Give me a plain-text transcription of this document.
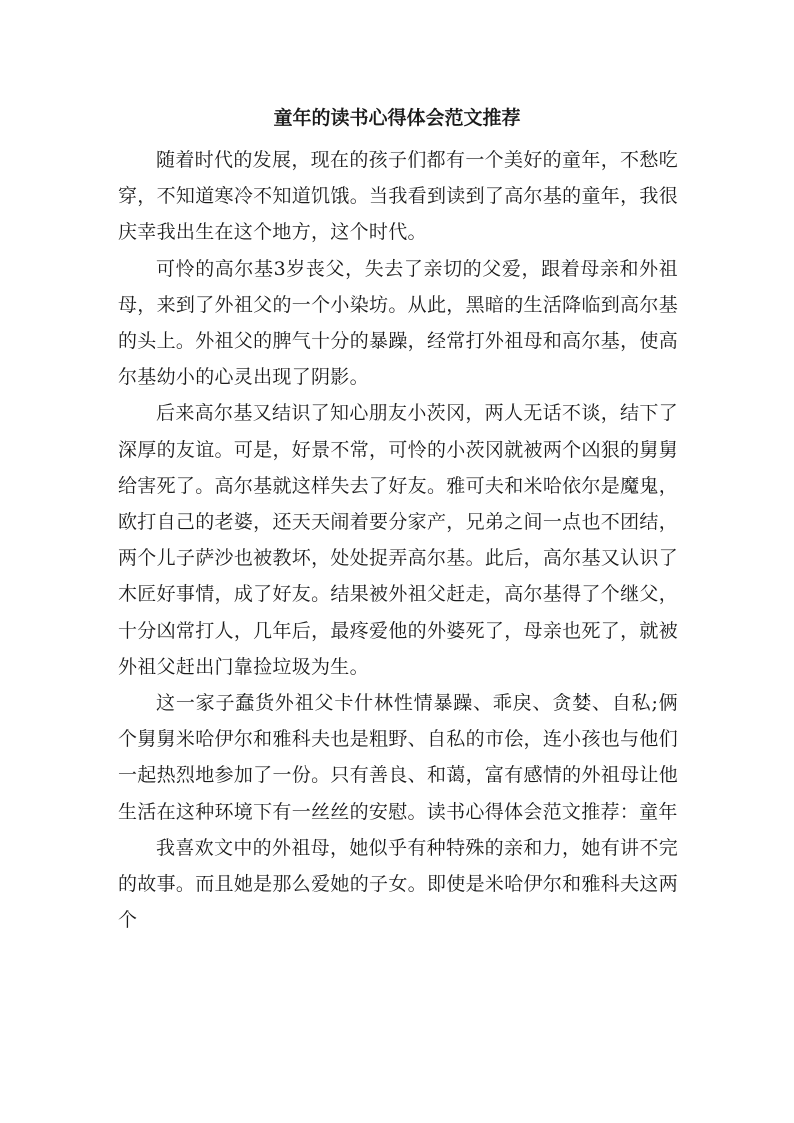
童年的读书心得体会范文推荐

随着时代的发展，现在的孩子们都有一个美好的童年，不愁吃穿，不知道寒冷不知道饥饿。当我看到读到了高尔基的童年，我很庆幸我出生在这个地方，这个时代。

可怜的高尔基3岁丧父，失去了亲切的父爱，跟着母亲和外祖母，来到了外祖父的一个小染坊。从此，黑暗的生活降临到高尔基的头上。外祖父的脾气十分的暴躁，经常打外祖母和高尔基，使高尔基幼小的心灵出现了阴影。

后来高尔基又结识了知心朋友小茨冈，两人无话不谈，结下了深厚的友谊。可是，好景不常，可怜的小茨冈就被两个凶狠的舅舅给害死了。高尔基就这样失去了好友。雅可夫和米哈依尔是魔鬼，欧打自己的老婆，还天天闹着要分家产，兄弟之间一点也不团结，两个儿子萨沙也被教坏，处处捉弄高尔基。此后，高尔基又认识了木匠好事情，成了好友。结果被外祖父赶走，高尔基得了个继父，十分凶常打人，几年后，最疼爱他的外婆死了，母亲也死了，就被外祖父赶出门靠捡垃圾为生。

这一家子蠢货外祖父卡什林性情暴躁、乖戾、贪婪、自私;俩个舅舅米哈伊尔和雅科夫也是粗野、自私的市侩，连小孩也与他们一起热烈地参加了一份。只有善良、和蔼，富有感情的外祖母让他生活在这种环境下有一丝丝的安慰。读书心得体会范文推荐：童年

我喜欢文中的外祖母，她似乎有种特殊的亲和力，她有讲不完的故事。而且她是那么爱她的子女。即使是米哈伊尔和雅科夫这两个
